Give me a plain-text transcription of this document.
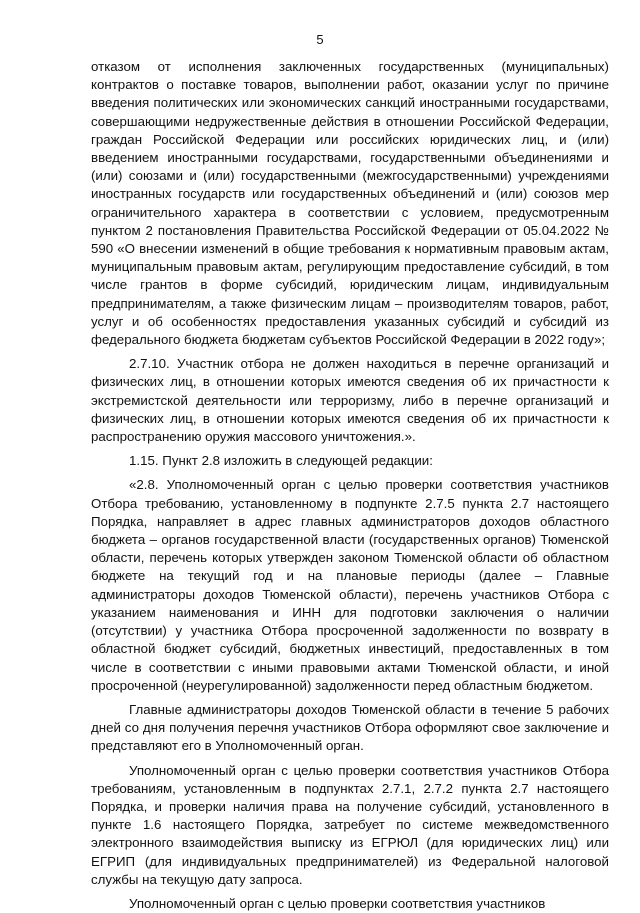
5

отказом от исполнения заключенных государственных (муниципальных) контрактов о поставке товаров, выполнении работ, оказании услуг по причине введения политических или экономических санкций иностранными государствами, совершающими недружественные действия в отношении Российской Федерации, граждан Российской Федерации или российских юридических лиц, и (или) введением иностранными государствами, государственными объединениями и (или) союзами и (или) государственными (межгосударственными) учреждениями иностранных государств или государственных объединений и (или) союзов мер ограничительного характера в соответствии с условием, предусмотренным пунктом 2 постановления Правительства Российской Федерации от 05.04.2022 № 590 «О внесении изменений в общие требования к нормативным правовым актам, муниципальным правовым актам, регулирующим предоставление субсидий, в том числе грантов в форме субсидий, юридическим лицам, индивидуальным предпринимателям, а также физическим лицам – производителям товаров, работ, услуг и об особенностях предоставления указанных субсидий и субсидий из федерального бюджета бюджетам субъектов Российской Федерации в 2022 году»;

2.7.10. Участник отбора не должен находиться в перечне организаций и физических лиц, в отношении которых имеются сведения об их причастности к экстремистской деятельности или терроризму, либо в перечне организаций и физических лиц, в отношении которых имеются сведения об их причастности к распространению оружия массового уничтожения.».

1.15. Пункт 2.8 изложить в следующей редакции:

«2.8. Уполномоченный орган с целью проверки соответствия участников Отбора требованию, установленному в подпункте 2.7.5 пункта 2.7 настоящего Порядка, направляет в адрес главных администраторов доходов областного бюджета – органов государственной власти (государственных органов) Тюменской области, перечень которых утвержден законом Тюменской области об областном бюджете на текущий год и на плановые периоды (далее – Главные администраторы доходов Тюменской области), перечень участников Отбора с указанием наименования и ИНН для подготовки заключения о наличии (отсутствии) у участника Отбора просроченной задолженности по возврату в областной бюджет субсидий, бюджетных инвестиций, предоставленных в том числе в соответствии с иными правовыми актами Тюменской области, и иной просроченной (неурегулированной) задолженности перед областным бюджетом.

Главные администраторы доходов Тюменской области в течение 5 рабочих дней со дня получения перечня участников Отбора оформляют свое заключение и представляют его в Уполномоченный орган.

Уполномоченный орган с целью проверки соответствия участников Отбора требованиям, установленным в подпунктах 2.7.1, 2.7.2 пункта 2.7 настоящего Порядка, и проверки наличия права на получение субсидий, установленного в пункте 1.6 настоящего Порядка, затребует по системе межведомственного электронного взаимодействия выписку из ЕГРЮЛ (для юридических лиц) или ЕГРИП (для индивидуальных предпринимателей) из Федеральной налоговой службы на текущую дату запроса.

Уполномоченный орган с целью проверки соответствия участников
